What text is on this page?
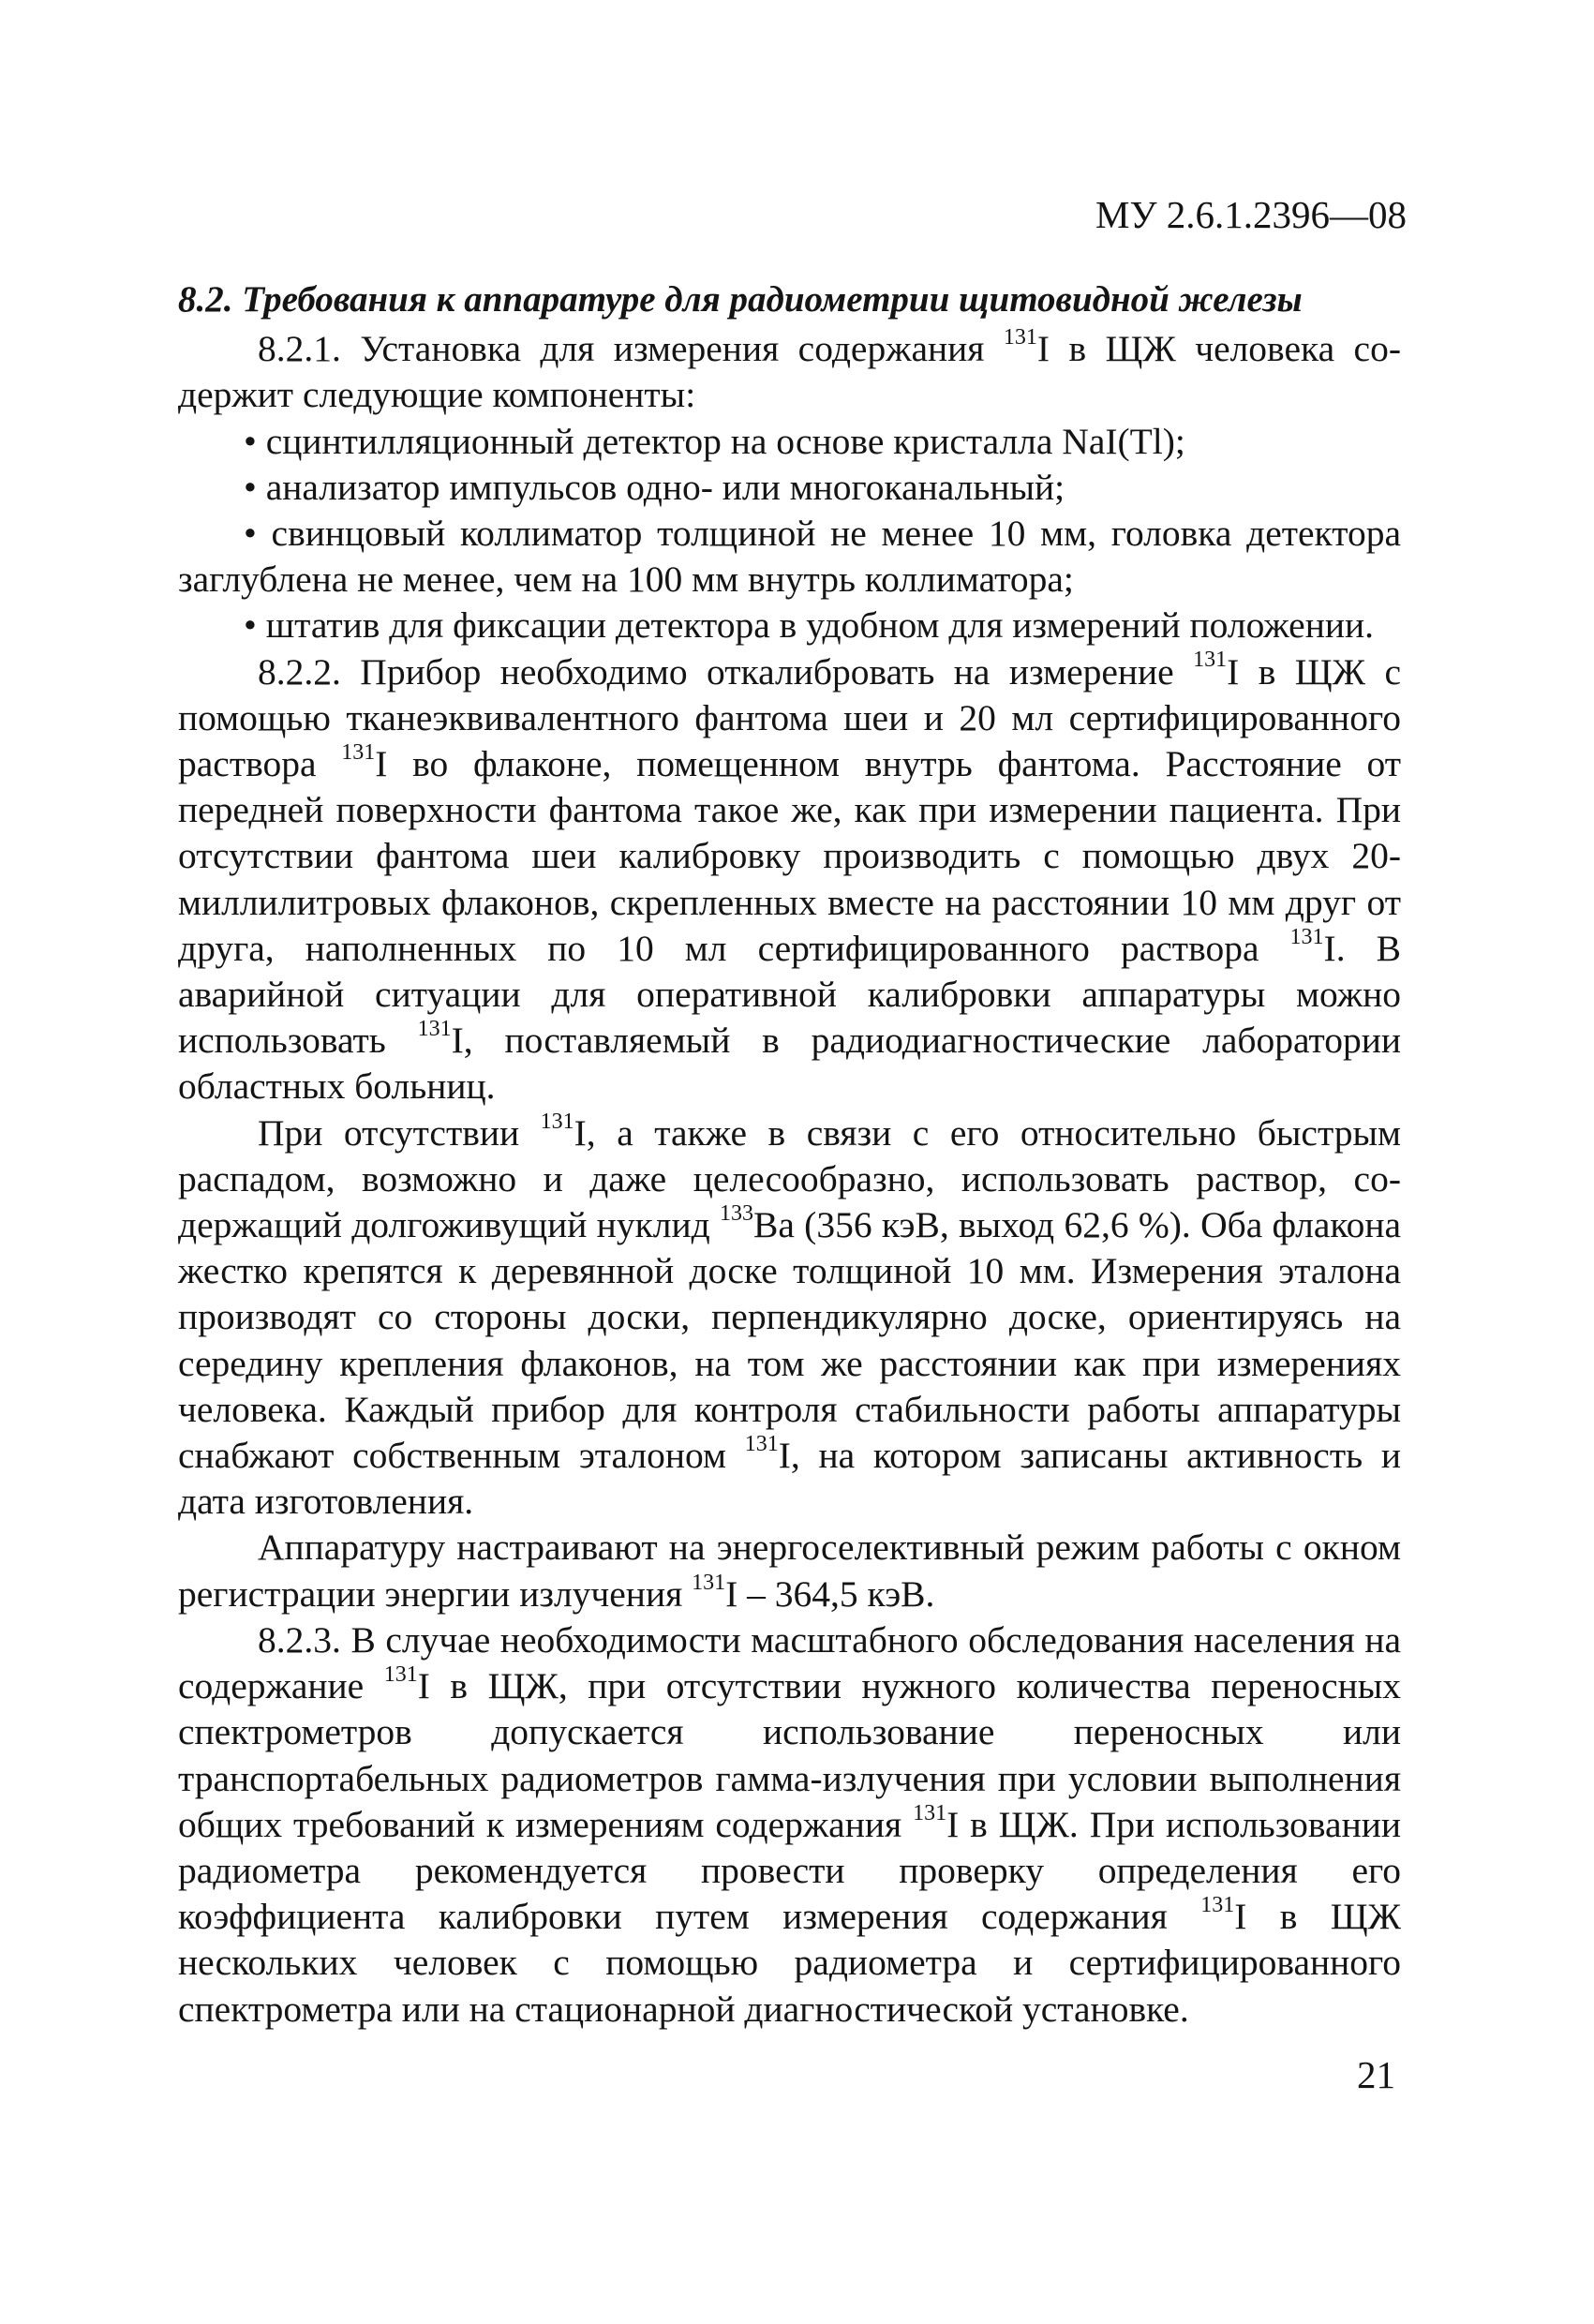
МУ 2.6.1.2396—08

8.2. Требования к аппаратуре для радиометрии щитовидной железы

8.2.1. Установка для измерения содержания $^{131}$I в ЩЖ человека содержит следующие компоненты:

• сцинтилляционный детектор на основе кристалла NaI(Tl);

• анализатор импульсов одно- или многоканальный;

• свинцовый коллиматор толщиной не менее 10 мм, головка детектора заглублена не менее, чем на 100 мм внутрь коллиматора;

• штатив для фиксации детектора в удобном для измерений положении.

8.2.2. Прибор необходимо откалибровать на измерение $^{131}$I в ЩЖ с помощью тканеэквивалентного фантома шеи и 20 мл сертифицированного раствора $^{131}$I во флаконе, помещенном внутрь фантома. Расстояние от передней поверхности фантома такое же, как при измерении пациента. При отсутствии фантома шеи калибровку производить с помощью двух 20-миллилитровых флаконов, скрепленных вместе на расстоянии 10 мм друг от друга, наполненных по 10 мл сертифицированного раствора $^{131}$I. В аварийной ситуации для оперативной калибровки аппаратуры можно использовать $^{131}$I, поставляемый в радиодиагностические лаборатории областных больниц.

При отсутствии $^{131}$I, а также в связи с его относительно быстрым распадом, возможно и даже целесообразно, использовать раствор, содержащий долгоживущий нуклид $^{133}$Ba (356 кэВ, выход 62,6 %). Оба флакона жестко крепятся к деревянной доске толщиной 10 мм. Измерения эталона производят со стороны доски, перпендикулярно доске, ориентируясь на середину крепления флаконов, на том же расстоянии как при измерениях человека. Каждый прибор для контроля стабильности работы аппаратуры снабжают собственным эталоном $^{131}$I, на котором записаны активность и дата изготовления.

Аппаратуру настраивают на энергоселективный режим работы с окном регистрации энергии излучения $^{131}$I – 364,5 кэВ.

8.2.3. В случае необходимости масштабного обследования населения на содержание $^{131}$I в ЩЖ, при отсутствии нужного количества переносных спектрометров допускается использование переносных или транспортабельных радиометров гамма-излучения при условии выполнения общих требований к измерениям содержания $^{131}$I в ЩЖ. При использовании радиометра рекомендуется провести проверку определения его коэффициента калибровки путем измерения содержания $^{131}$I в ЩЖ нескольких человек с помощью радиометра и сертифицированного спектрометра или на стационарной диагностической установке.

21
